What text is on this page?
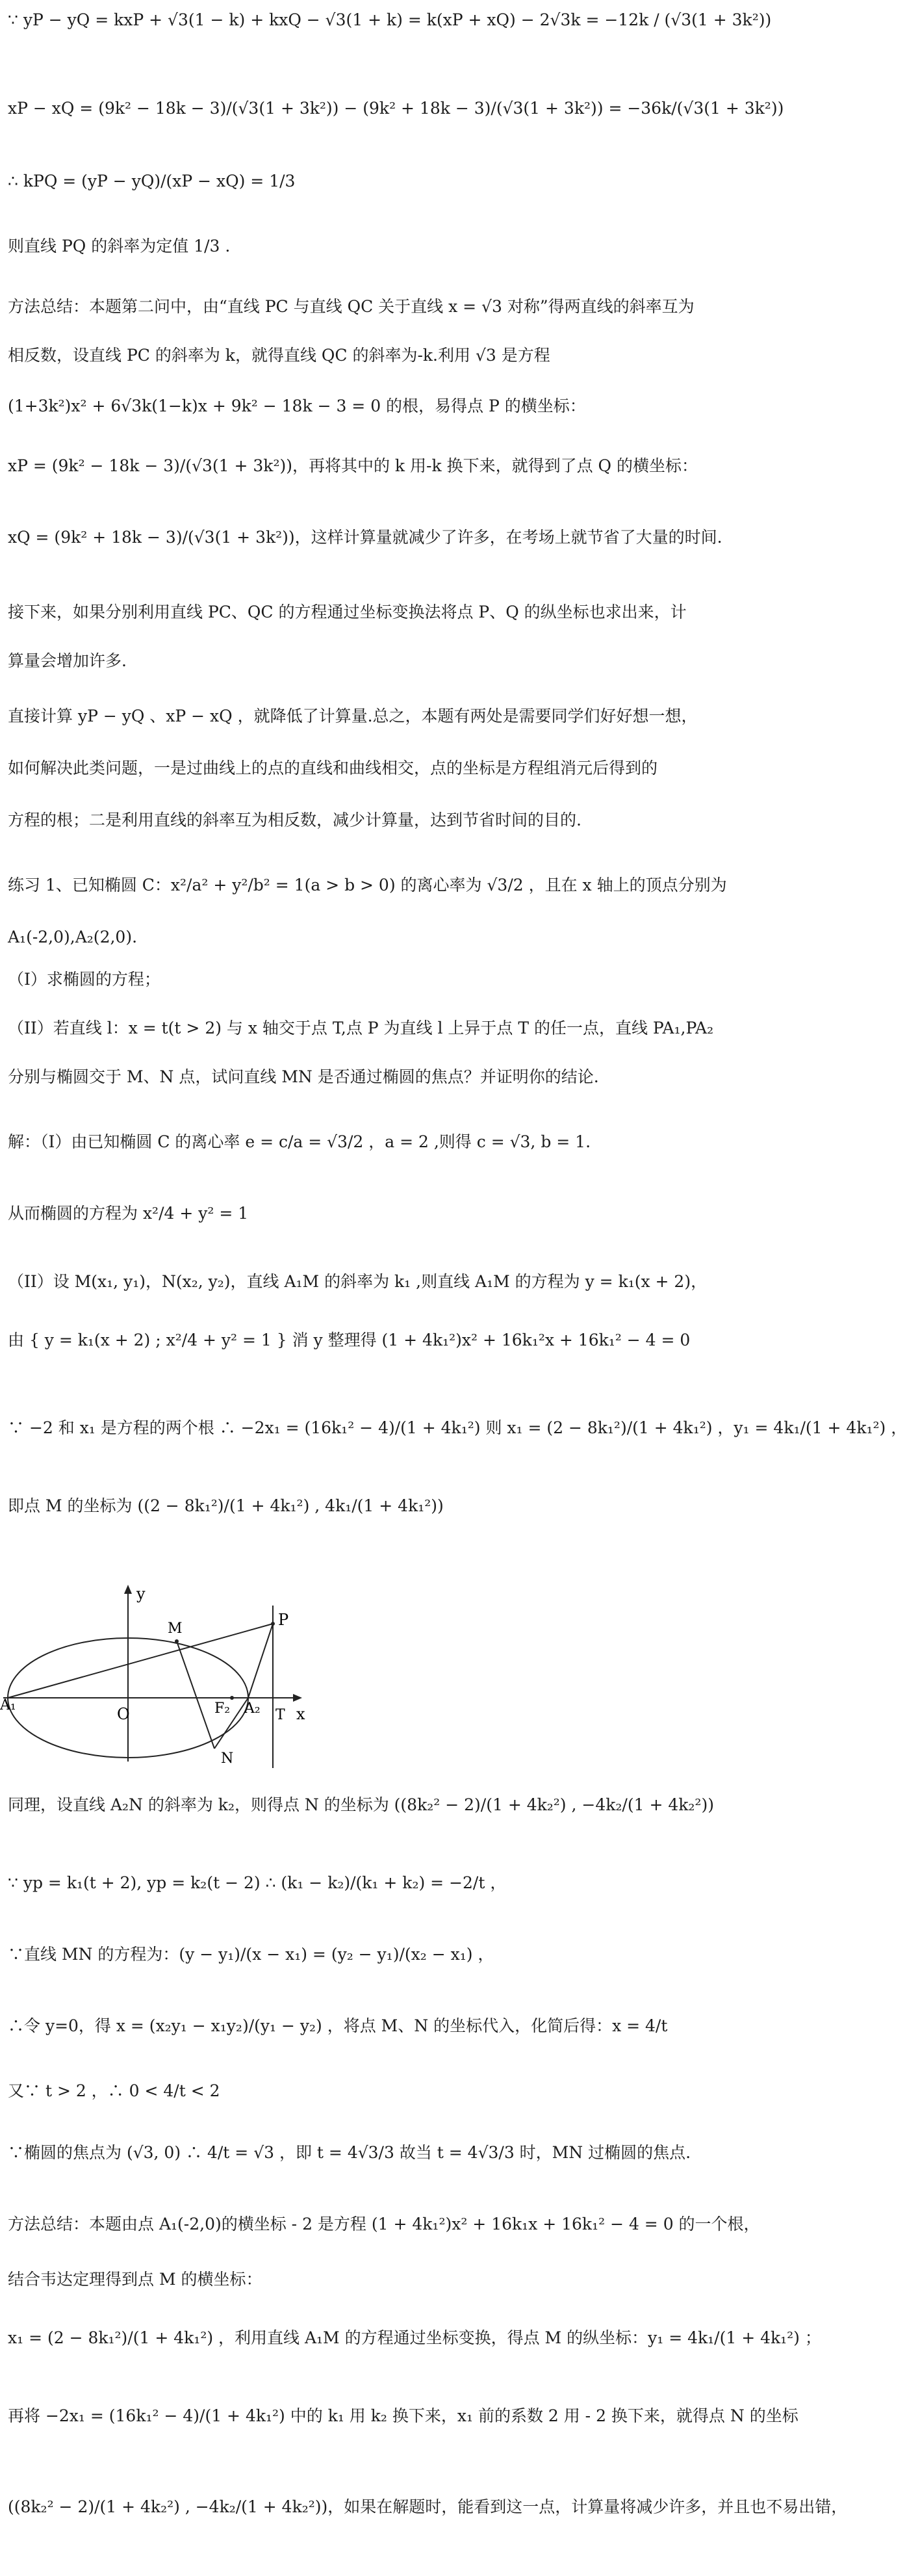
∵ yP − yQ = kxP + √3(1 − k) + kxQ − √3(1 + k) = k(xP + xQ) − 2√3k = −12k / (√3(1 + 3k²))
xP − xQ = (9k² − 18k − 3)/(√3(1 + 3k²)) − (9k² + 18k − 3)/(√3(1 + 3k²)) = −36k/(√3(1 + 3k²))
∴ kPQ = (yP − yQ)/(xP − xQ) = 1/3
则直线 PQ 的斜率为定值 1/3 .
方法总结：本题第二问中，由“直线 PC 与直线 QC 关于直线 x = √3 对称”得两直线的斜率互为
相反数，设直线 PC 的斜率为 k，就得直线 QC 的斜率为-k.利用 √3 是方程
(1+3k²)x² + 6√3k(1−k)x + 9k² − 18k − 3 = 0 的根，易得点 P 的横坐标：
xP = (9k² − 18k − 3)/(√3(1 + 3k²))，再将其中的 k 用-k 换下来，就得到了点 Q 的横坐标：
xQ = (9k² + 18k − 3)/(√3(1 + 3k²))，这样计算量就减少了许多，在考场上就节省了大量的时间.
接下来，如果分别利用直线 PC、QC 的方程通过坐标变换法将点 P、Q 的纵坐标也求出来，计
算量会增加许多.
直接计算 yP − yQ 、xP − xQ ，就降低了计算量.总之，本题有两处是需要同学们好好想一想，
如何解决此类问题，一是过曲线上的点的直线和曲线相交，点的坐标是方程组消元后得到的
方程的根；二是利用直线的斜率互为相反数，减少计算量，达到节省时间的目的.
练习 1、已知椭圆 C：x²/a² + y²/b² = 1(a > b > 0) 的离心率为 √3/2 ，且在 x 轴上的顶点分别为
A₁(-2,0),A₂(2,0).
（I）求椭圆的方程；
（II）若直线 l：x = t(t > 2) 与 x 轴交于点 T,点 P 为直线 l 上异于点 T 的任一点，直线 PA₁,PA₂
分别与椭圆交于 M、N 点，试问直线 MN 是否通过椭圆的焦点？并证明你的结论.
解：（I）由已知椭圆 C 的离心率 e = c/a = √3/2 ，a = 2 ,则得 c = √3, b = 1.
从而椭圆的方程为 x²/4 + y² = 1
（II）设 M(x₁, y₁)，N(x₂, y₂)，直线 A₁M 的斜率为 k₁ ,则直线 A₁M 的方程为 y = k₁(x + 2)，
由 { y = k₁(x + 2) ; x²/4 + y² = 1 } 消 y 整理得 (1 + 4k₁²)x² + 16k₁²x + 16k₁² − 4 = 0
∵ −2 和 x₁ 是方程的两个根 ∴ −2x₁ = (16k₁² − 4)/(1 + 4k₁²) 则 x₁ = (2 − 8k₁²)/(1 + 4k₁²) ，y₁ = 4k₁/(1 + 4k₁²) ，
即点 M 的坐标为 ((2 − 8k₁²)/(1 + 4k₁²) , 4k₁/(1 + 4k₁²))
同理，设直线 A₂N 的斜率为 k₂，则得点 N 的坐标为 ((8k₂² − 2)/(1 + 4k₂²) , −4k₂/(1 + 4k₂²))
∵ yp = k₁(t + 2), yp = k₂(t − 2) ∴ (k₁ − k₂)/(k₁ + k₂) = −2/t ，
∵直线 MN 的方程为：(y − y₁)/(x − x₁) = (y₂ − y₁)/(x₂ − x₁) ，
∴令 y=0，得 x = (x₂y₁ − x₁y₂)/(y₁ − y₂) ，将点 M、N 的坐标代入，化简后得：x = 4/t
又∵ t > 2 ，∴ 0 < 4/t < 2
∵椭圆的焦点为 (√3, 0) ∴ 4/t = √3 ，即 t = 4√3/3 故当 t = 4√3/3 时，MN 过椭圆的焦点.
方法总结：本题由点 A₁(-2,0)的横坐标 - 2 是方程 (1 + 4k₁²)x² + 16k₁x + 16k₁² − 4 = 0 的一个根，
结合韦达定理得到点 M 的横坐标：
x₁ = (2 − 8k₁²)/(1 + 4k₁²) ，利用直线 A₁M 的方程通过坐标变换，得点 M 的纵坐标：y₁ = 4k₁/(1 + 4k₁²) ；
再将 −2x₁ = (16k₁² − 4)/(1 + 4k₁²) 中的 k₁ 用 k₂ 换下来，x₁ 前的系数 2 用 - 2 换下来，就得点 N 的坐标
((8k₂² − 2)/(1 + 4k₂²) , −4k₂/(1 + 4k₂²))，如果在解题时，能看到这一点，计算量将减少许多，并且也不易出错，
y
x
O
M	P
A₁	A₂
F₂	T
N
